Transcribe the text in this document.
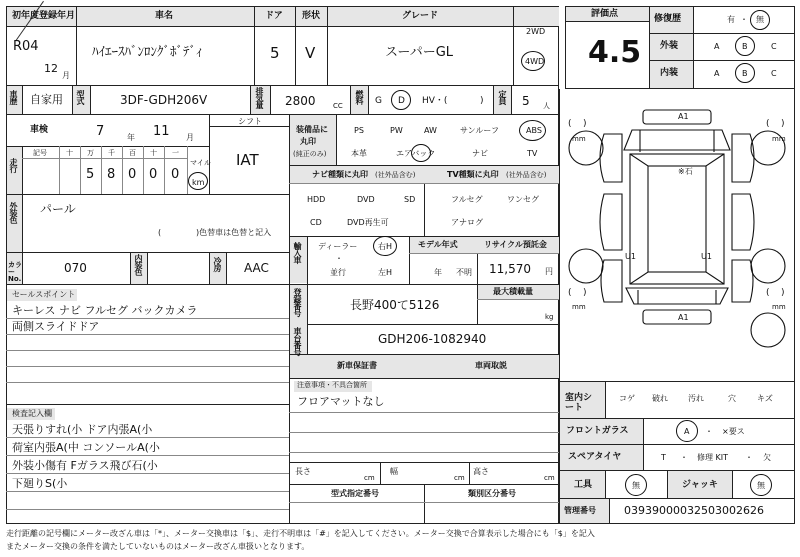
初年度登録年月
R04
12
月
車名
ﾊｲｴｰｽﾊﾞﾝﾛﾝｸﾞﾎﾞﾃﾞｨ
ドア
5
形状
V
グレード
スーパーGL
2WD
4WD
車歴 自家用 型式	3DF-GDH206V	排気量 2800 CC
燃料 G D HV・(	) 定員 5 人
車検	7	年 11 月
走行
記号	十 万 千 百 十 一
5 8 0 0 0
マイル
km
シフト
IAT
装備品に
丸印
(純正のみ)
PS	PW	AW	サンルーフ	ABS
本革	エアバック	ナビ	TV
ナビ種類に丸印 (社外品含む)	TV種類に丸印 (社外品含む)
HDD	DVD	SD
CD	DVD再生可
フルセグ	ワンセグ
アナログ
外装色 パール
(	)色替車は色替と記入
輸入車 ディーラー
・
並行
右H
左H
モデル年式
年 不明
リサイクル預託金
11,570 円
カラーNo.
070	内装色	冷房 AAC
セールスポイント
キーレス ナビ フルセグ バックカメラ
両側スライドドア
検査記入欄
天張りすれ(小 ドア内張A(小
荷室内張A(中 コンソールA(小
外装小傷有 Fガラス飛び石(小
下廻りS(小
登録番号	長野400て5126
最大積載量
kg
車台番号	GDH206-1082940
新車保証書	車両取説
注意事項・不具合箇所
フロアマットなし
長さ
cm
幅
cm
高さ
cm
型式指定番号	類別区分番号
評価点
4.5
修復歴	有 ・ 無
外装	A	B	C
内装	A	B	C
A1
A1
U1	U1
※石
( )
mm
( )
mm
( )
mm
( )
mm
室内シート
コゲ 破れ	汚れ	穴	キズ
フロントガラス	A ・ ×要ス
スペアタイヤ	T ・ 修理 KIT ・ 欠
工具	無	ジャッキ	無
管理番号	03939000032503002626
走行距離の記号欄にメーター改ざん車は「*」、メーター交換車は「$」、走行不明車は「#」を記入してください。メーター交換で合算表示した場合にも「$」を記入
またメーター交換の条件を満たしていないものはメーター改ざん車扱いとなります。
